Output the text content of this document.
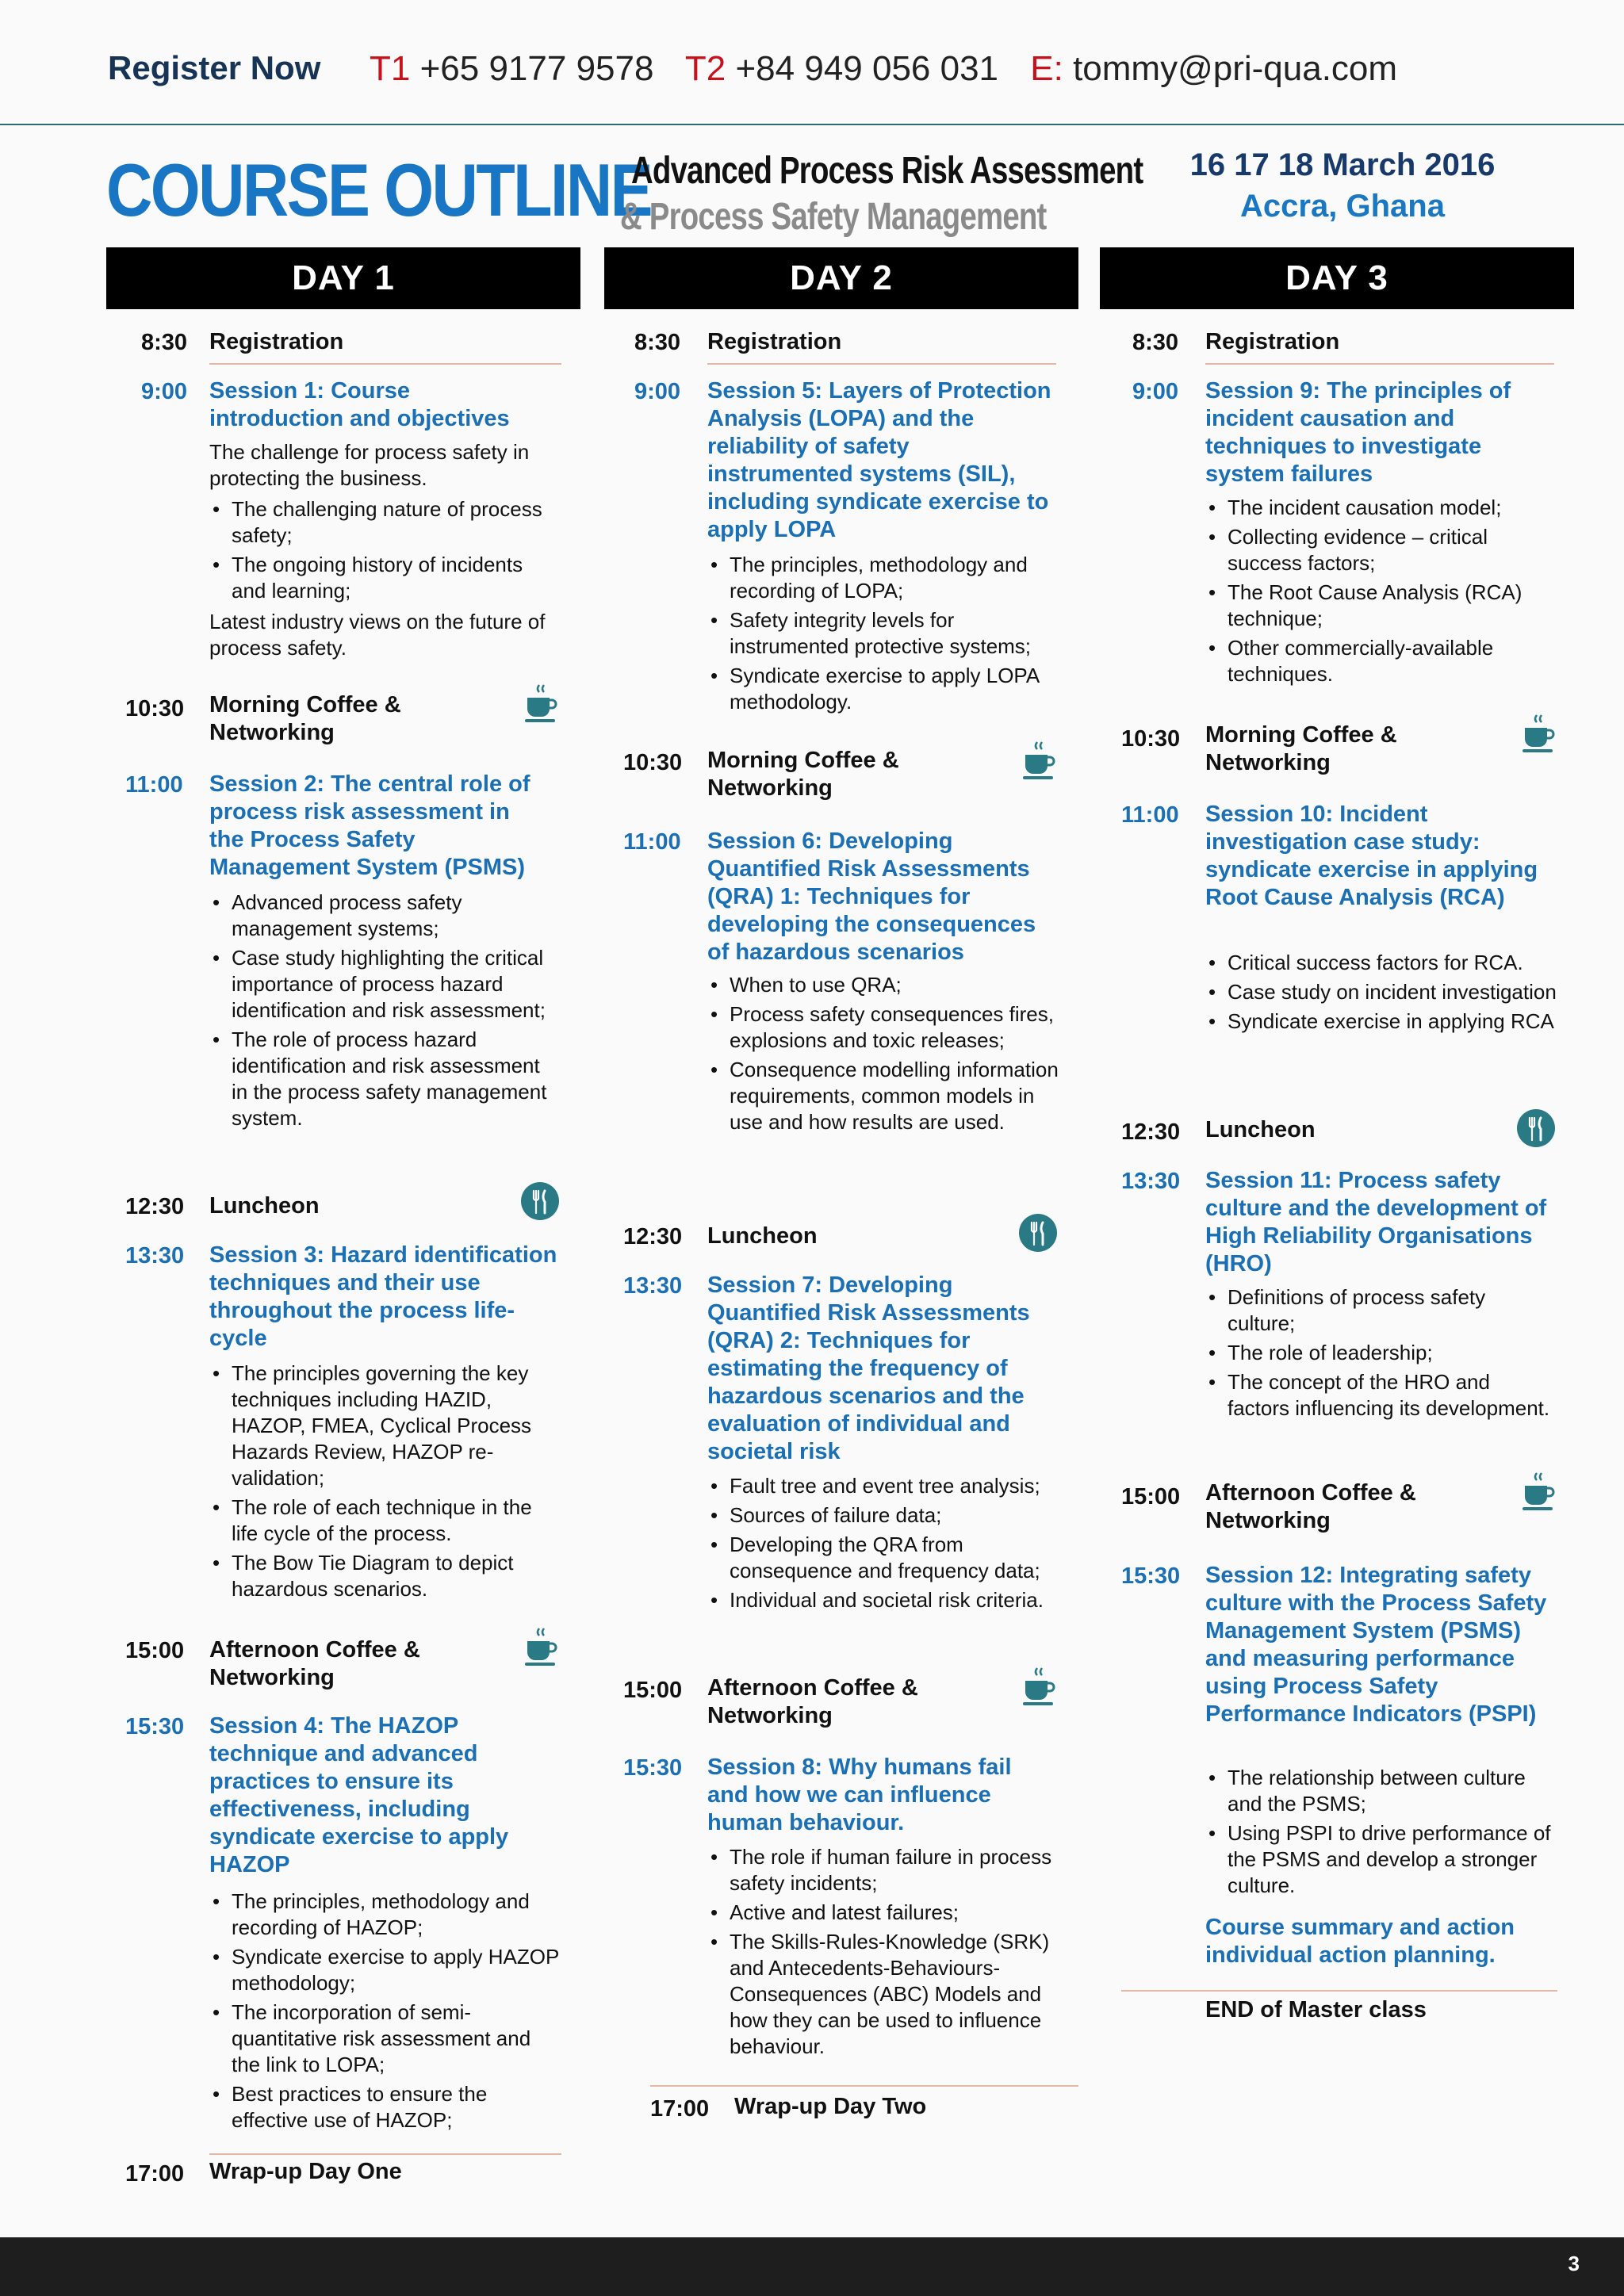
Register Now T1 +65 9177 9578 T2 +84 949 056 031 E: tommy@pri-qua.com
COURSE OUTLINE
Advanced Process Risk Assessment
& Process Safety Management
16 17 18 March 2016
Accra, Ghana
DAY 1	DAY 2	DAY 3
8:30 Registration
9:00 Session 1: Course introduction and objectives
The challenge for process safety in protecting the business.
• The challenging nature of process safety;
• The ongoing history of incidents and learning;
Latest industry views on the future of process safety.
10:30 Morning Coffee & Networking
11:00 Session 2: The central role of process risk assessment in the Process Safety Management System (PSMS)
• Advanced process safety management systems;
• Case study highlighting the critical importance of process hazard identification and risk assessment;
• The role of process hazard identification and risk assessment in the process safety management system.
12:30 Luncheon
13:30 Session 3: Hazard identification techniques and their use throughout the process life-cycle
• The principles governing the key techniques including HAZID, HAZOP, FMEA, Cyclical Process Hazards Review, HAZOP re-validation;
• The role of each technique in the life cycle of the process.
• The Bow Tie Diagram to depict hazardous scenarios.
15:00 Afternoon Coffee & Networking
15:30 Session 4: The HAZOP technique and advanced practices to ensure its effectiveness, including syndicate exercise to apply HAZOP
• The principles, methodology and recording of HAZOP;
• Syndicate exercise to apply HAZOP methodology;
• The incorporation of semi-quantitative risk assessment and the link to LOPA;
• Best practices to ensure the effective use of HAZOP;
17:00 Wrap-up Day One
8:30 Registration
9:00 Session 5: Layers of Protection Analysis (LOPA) and the reliability of safety instrumented systems (SIL), including syndicate exercise to apply LOPA
• The principles, methodology and recording of LOPA;
• Safety integrity levels for instrumented protective systems;
• Syndicate exercise to apply LOPA methodology.
10:30 Morning Coffee & Networking
11:00 Session 6: Developing Quantified Risk Assessments (QRA) 1: Techniques for developing the consequences of hazardous scenarios
• When to use QRA;
• Process safety consequences fires, explosions and toxic releases;
• Consequence modelling information requirements, common models in use and how results are used.
12:30 Luncheon
13:30 Session 7: Developing Quantified Risk Assessments (QRA) 2: Techniques for estimating the frequency of hazardous scenarios and the evaluation of individual and societal risk
• Fault tree and event tree analysis;
• Sources of failure data;
• Developing the QRA from consequence and frequency data;
• Individual and societal risk criteria.
15:00 Afternoon Coffee & Networking
15:30 Session 8: Why humans fail and how we can influence human behaviour.
• The role if human failure in process safety incidents;
• Active and latest failures;
• The Skills-Rules-Knowledge (SRK) and Antecedents-Behaviours-Consequences (ABC) Models and how they can be used to influence behaviour.
17:00 Wrap-up Day Two
8:30 Registration
9:00 Session 9: The principles of incident causation and techniques to investigate system failures
• The incident causation model;
• Collecting evidence – critical success factors;
• The Root Cause Analysis (RCA) technique;
• Other commercially-available techniques.
10:30 Morning Coffee & Networking
11:00 Session 10: Incident investigation case study: syndicate exercise in applying Root Cause Analysis (RCA)
• Critical success factors for RCA.
• Case study on incident investigation
• Syndicate exercise in applying RCA
12:30 Luncheon
13:30 Session 11: Process safety culture and the development of High Reliability Organisations (HRO)
• Definitions of process safety culture;
• The role of leadership;
• The concept of the HRO and factors influencing its development.
15:00 Afternoon Coffee & Networking
15:30 Session 12: Integrating safety culture with the Process Safety Management System (PSMS) and measuring performance using Process Safety Performance Indicators (PSPI)
• The relationship between culture and the PSMS;
• Using PSPI to drive performance of the PSMS and develop a stronger culture.
Course summary and action individual action planning.
END of Master class
3
